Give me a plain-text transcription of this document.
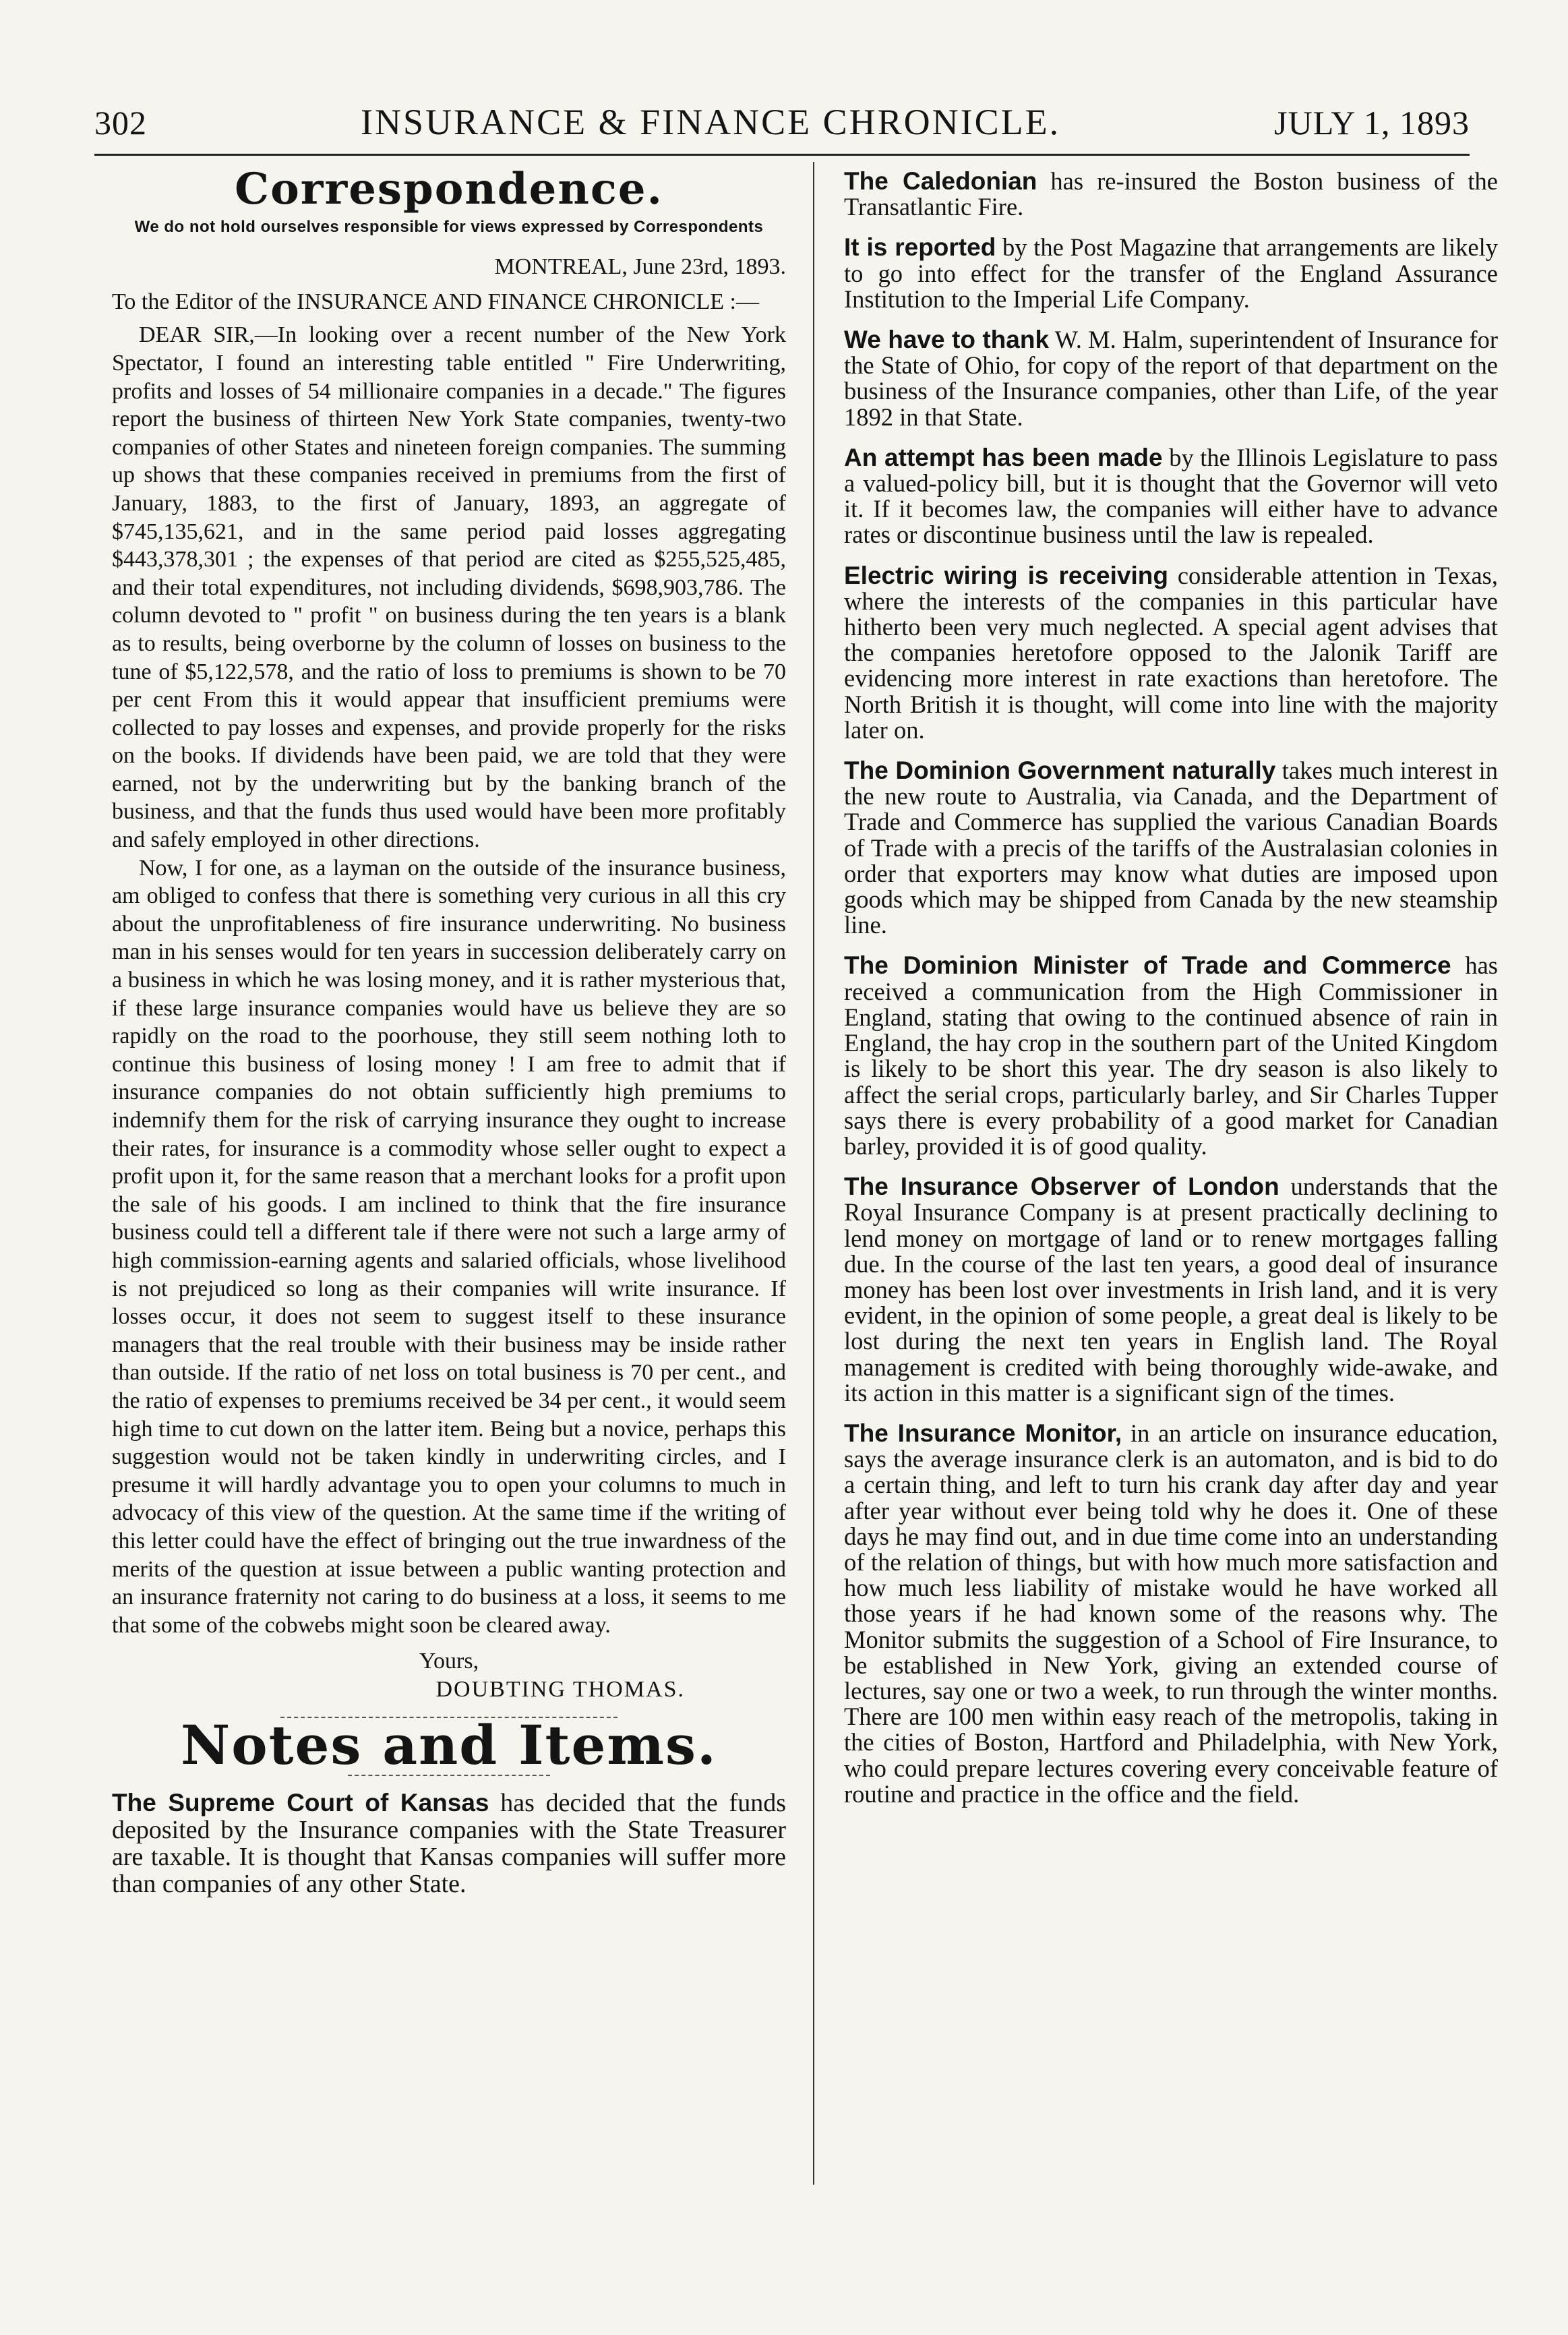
302	INSURANCE & FINANCE CHRONICLE.	JULY 1, 1893
Correspondence.
We do not hold ourselves responsible for views expressed by Correspondents
MONTREAL, June 23rd, 1893.
To the Editor of the INSURANCE AND FINANCE CHRONICLE :—

DEAR SIR,—In looking over a recent number of the New York Spectator, I found an interesting table entitled " Fire Underwriting, profits and losses of 54 millionaire companies in a decade." The figures report the business of thirteen New York State companies, twenty-two companies of other States and nineteen foreign companies. The summing up shows that these companies received in premiums from the first of January, 1883, to the first of January, 1893, an aggregate of $745,135,621, and in the same period paid losses aggregating $443,378,301 ; the expenses of that period are cited as $255,525,485, and their total expenditures, not including dividends, $698,903,786. The column devoted to " profit " on business during the ten years is a blank as to results, being overborne by the column of losses on business to the tune of $5,122,578, and the ratio of loss to premiums is shown to be 70 per cent From this it would appear that insufficient premiums were collected to pay losses and expenses, and provide properly for the risks on the books. If dividends have been paid, we are told that they were earned, not by the underwriting but by the banking branch of the business, and that the funds thus used would have been more profitably and safely employed in other directions.

Now, I for one, as a layman on the outside of the insurance business, am obliged to confess that there is something very curious in all this cry about the unprofitableness of fire insurance underwriting. No business man in his senses would for ten years in succession deliberately carry on a business in which he was losing money, and it is rather mysterious that, if these large insurance companies would have us believe they are so rapidly on the road to the poorhouse, they still seem nothing loth to continue this business of losing money ! I am free to admit that if insurance companies do not obtain sufficiently high premiums to indemnify them for the risk of carrying insurance they ought to increase their rates, for insurance is a commodity whose seller ought to expect a profit upon it, for the same reason that a merchant looks for a profit upon the sale of his goods. I am inclined to think that the fire insurance business could tell a different tale if there were not such a large army of high commission-earning agents and salaried officials, whose livelihood is not prejudiced so long as their companies will write insurance. If losses occur, it does not seem to suggest itself to these insurance managers that the real trouble with their business may be inside rather than outside. If the ratio of net loss on total business is 70 per cent., and the ratio of expenses to premiums received be 34 per cent., it would seem high time to cut down on the latter item. Being but a novice, perhaps this suggestion would not be taken kindly in underwriting circles, and I presume it will hardly advantage you to open your columns to much in advocacy of this view of the question. At the same time if the writing of this letter could have the effect of bringing out the true inwardness of the merits of the question at issue between a public wanting protection and an insurance fraternity not caring to do business at a loss, it seems to me that some of the cobwebs might soon be cleared away.

Yours,
DOUBTING THOMAS.
Notes and Items.

The Supreme Court of Kansas has decided that the funds deposited by the Insurance companies with the State Treasurer are taxable. It is thought that Kansas companies will suffer more than companies of any other State.

The Caledonian has re-insured the Boston business of the Transatlantic Fire.

It is reported by the Post Magazine that arrangements are likely to go into effect for the transfer of the England Assurance Institution to the Imperial Life Company.

We have to thank W. M. Halm, superintendent of Insurance for the State of Ohio, for copy of the report of that department on the business of the Insurance companies, other than Life, of the year 1892 in that State.

An attempt has been made by the Illinois Legislature to pass a valued-policy bill, but it is thought that the Governor will veto it. If it becomes law, the companies will either have to advance rates or discontinue business until the law is repealed.

Electric wiring is receiving considerable attention in Texas, where the interests of the companies in this particular have hitherto been very much neglected. A special agent advises that the companies heretofore opposed to the Jalonik Tariff are evidencing more interest in rate exactions than heretofore. The North British it is thought, will come into line with the majority later on.

The Dominion Government naturally takes much interest in the new route to Australia, via Canada, and the Department of Trade and Commerce has supplied the various Canadian Boards of Trade with a precis of the tariffs of the Australasian colonies in order that exporters may know what duties are imposed upon goods which may be shipped from Canada by the new steamship line.

The Dominion Minister of Trade and Commerce has received a communication from the High Commissioner in England, stating that owing to the continued absence of rain in England, the hay crop in the southern part of the United Kingdom is likely to be short this year. The dry season is also likely to affect the serial crops, particularly barley, and Sir Charles Tupper says there is every probability of a good market for Canadian barley, provided it is of good quality.

The Insurance Observer of London understands that the Royal Insurance Company is at present practically declining to lend money on mortgage of land or to renew mortgages falling due. In the course of the last ten years, a good deal of insurance money has been lost over investments in Irish land, and it is very evident, in the opinion of some people, a great deal is likely to be lost during the next ten years in English land. The Royal management is credited with being thoroughly wide-awake, and its action in this matter is a significant sign of the times.

The Insurance Monitor, in an article on insurance education, says the average insurance clerk is an automaton, and is bid to do a certain thing, and left to turn his crank day after day and year after year without ever being told why he does it. One of these days he may find out, and in due time come into an understanding of the relation of things, but with how much more satisfaction and how much less liability of mistake would he have worked all those years if he had known some of the reasons why. The Monitor submits the suggestion of a School of Fire Insurance, to be established in New York, giving an extended course of lectures, say one or two a week, to run through the winter months. There are 100 men within easy reach of the metropolis, taking in the cities of Boston, Hartford and Philadelphia, with New York, who could prepare lectures covering every conceivable feature of routine and practice in the office and the field.
